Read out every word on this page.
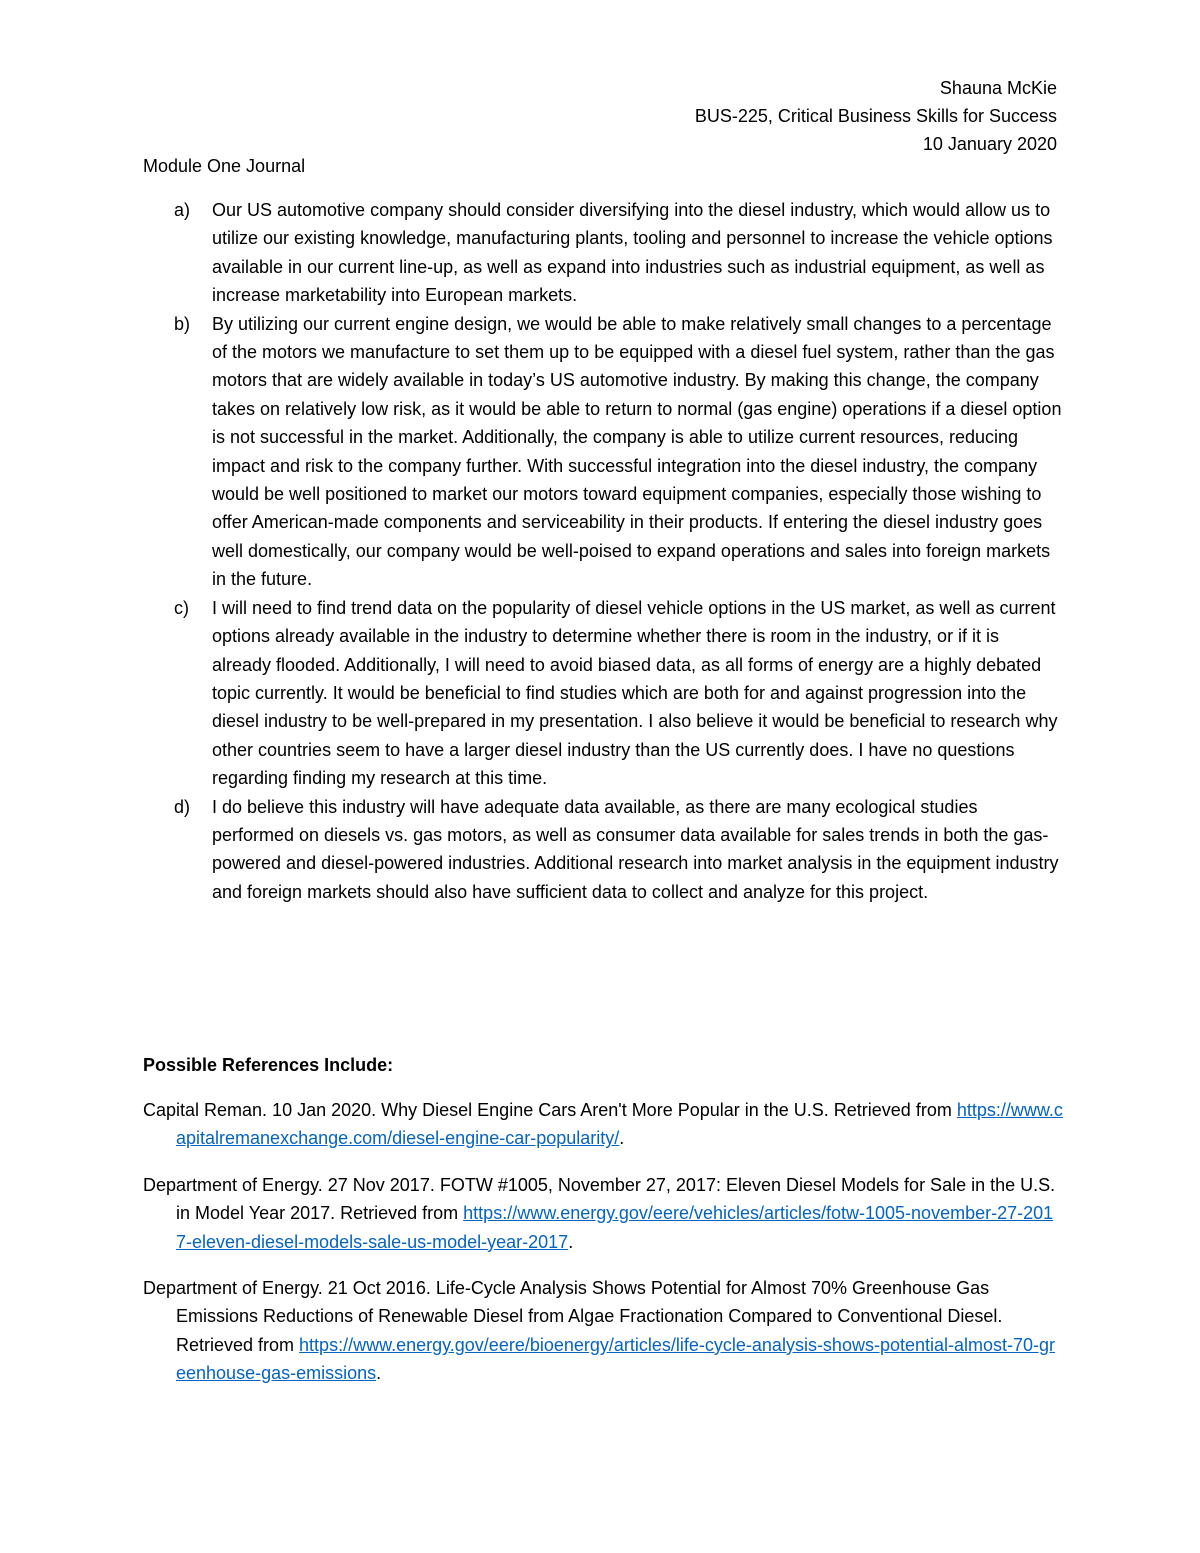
Shauna McKie
BUS-225, Critical Business Skills for Success
10 January 2020
Module One Journal
a) Our US automotive company should consider diversifying into the diesel industry, which would allow us to utilize our existing knowledge, manufacturing plants, tooling and personnel to increase the vehicle options available in our current line-up, as well as expand into industries such as industrial equipment, as well as increase marketability into European markets.
b) By utilizing our current engine design, we would be able to make relatively small changes to a percentage of the motors we manufacture to set them up to be equipped with a diesel fuel system, rather than the gas motors that are widely available in today’s US automotive industry. By making this change, the company takes on relatively low risk, as it would be able to return to normal (gas engine) operations if a diesel option is not successful in the market. Additionally, the company is able to utilize current resources, reducing impact and risk to the company further. With successful integration into the diesel industry, the company would be well positioned to market our motors toward equipment companies, especially those wishing to offer American-made components and serviceability in their products. If entering the diesel industry goes well domestically, our company would be well-poised to expand operations and sales into foreign markets in the future.
c) I will need to find trend data on the popularity of diesel vehicle options in the US market, as well as current options already available in the industry to determine whether there is room in the industry, or if it is already flooded. Additionally, I will need to avoid biased data, as all forms of energy are a highly debated topic currently. It would be beneficial to find studies which are both for and against progression into the diesel industry to be well-prepared in my presentation. I also believe it would be beneficial to research why other countries seem to have a larger diesel industry than the US currently does. I have no questions regarding finding my research at this time.
d) I do believe this industry will have adequate data available, as there are many ecological studies performed on diesels vs. gas motors, as well as consumer data available for sales trends in both the gas-powered and diesel-powered industries. Additional research into market analysis in the equipment industry and foreign markets should also have sufficient data to collect and analyze for this project.
Possible References Include:
Capital Reman. 10 Jan 2020. Why Diesel Engine Cars Aren't More Popular in the U.S. Retrieved from https://www.capitalremanexchange.com/diesel-engine-car-popularity/.
Department of Energy. 27 Nov 2017. FOTW #1005, November 27, 2017: Eleven Diesel Models for Sale in the U.S. in Model Year 2017. Retrieved from https://www.energy.gov/eere/vehicles/articles/fotw-1005-november-27-2017-eleven-diesel-models-sale-us-model-year-2017.
Department of Energy. 21 Oct 2016. Life-Cycle Analysis Shows Potential for Almost 70% Greenhouse Gas Emissions Reductions of Renewable Diesel from Algae Fractionation Compared to Conventional Diesel. Retrieved from https://www.energy.gov/eere/bioenergy/articles/life-cycle-analysis-shows-potential-almost-70-greenhouse-gas-emissions.
